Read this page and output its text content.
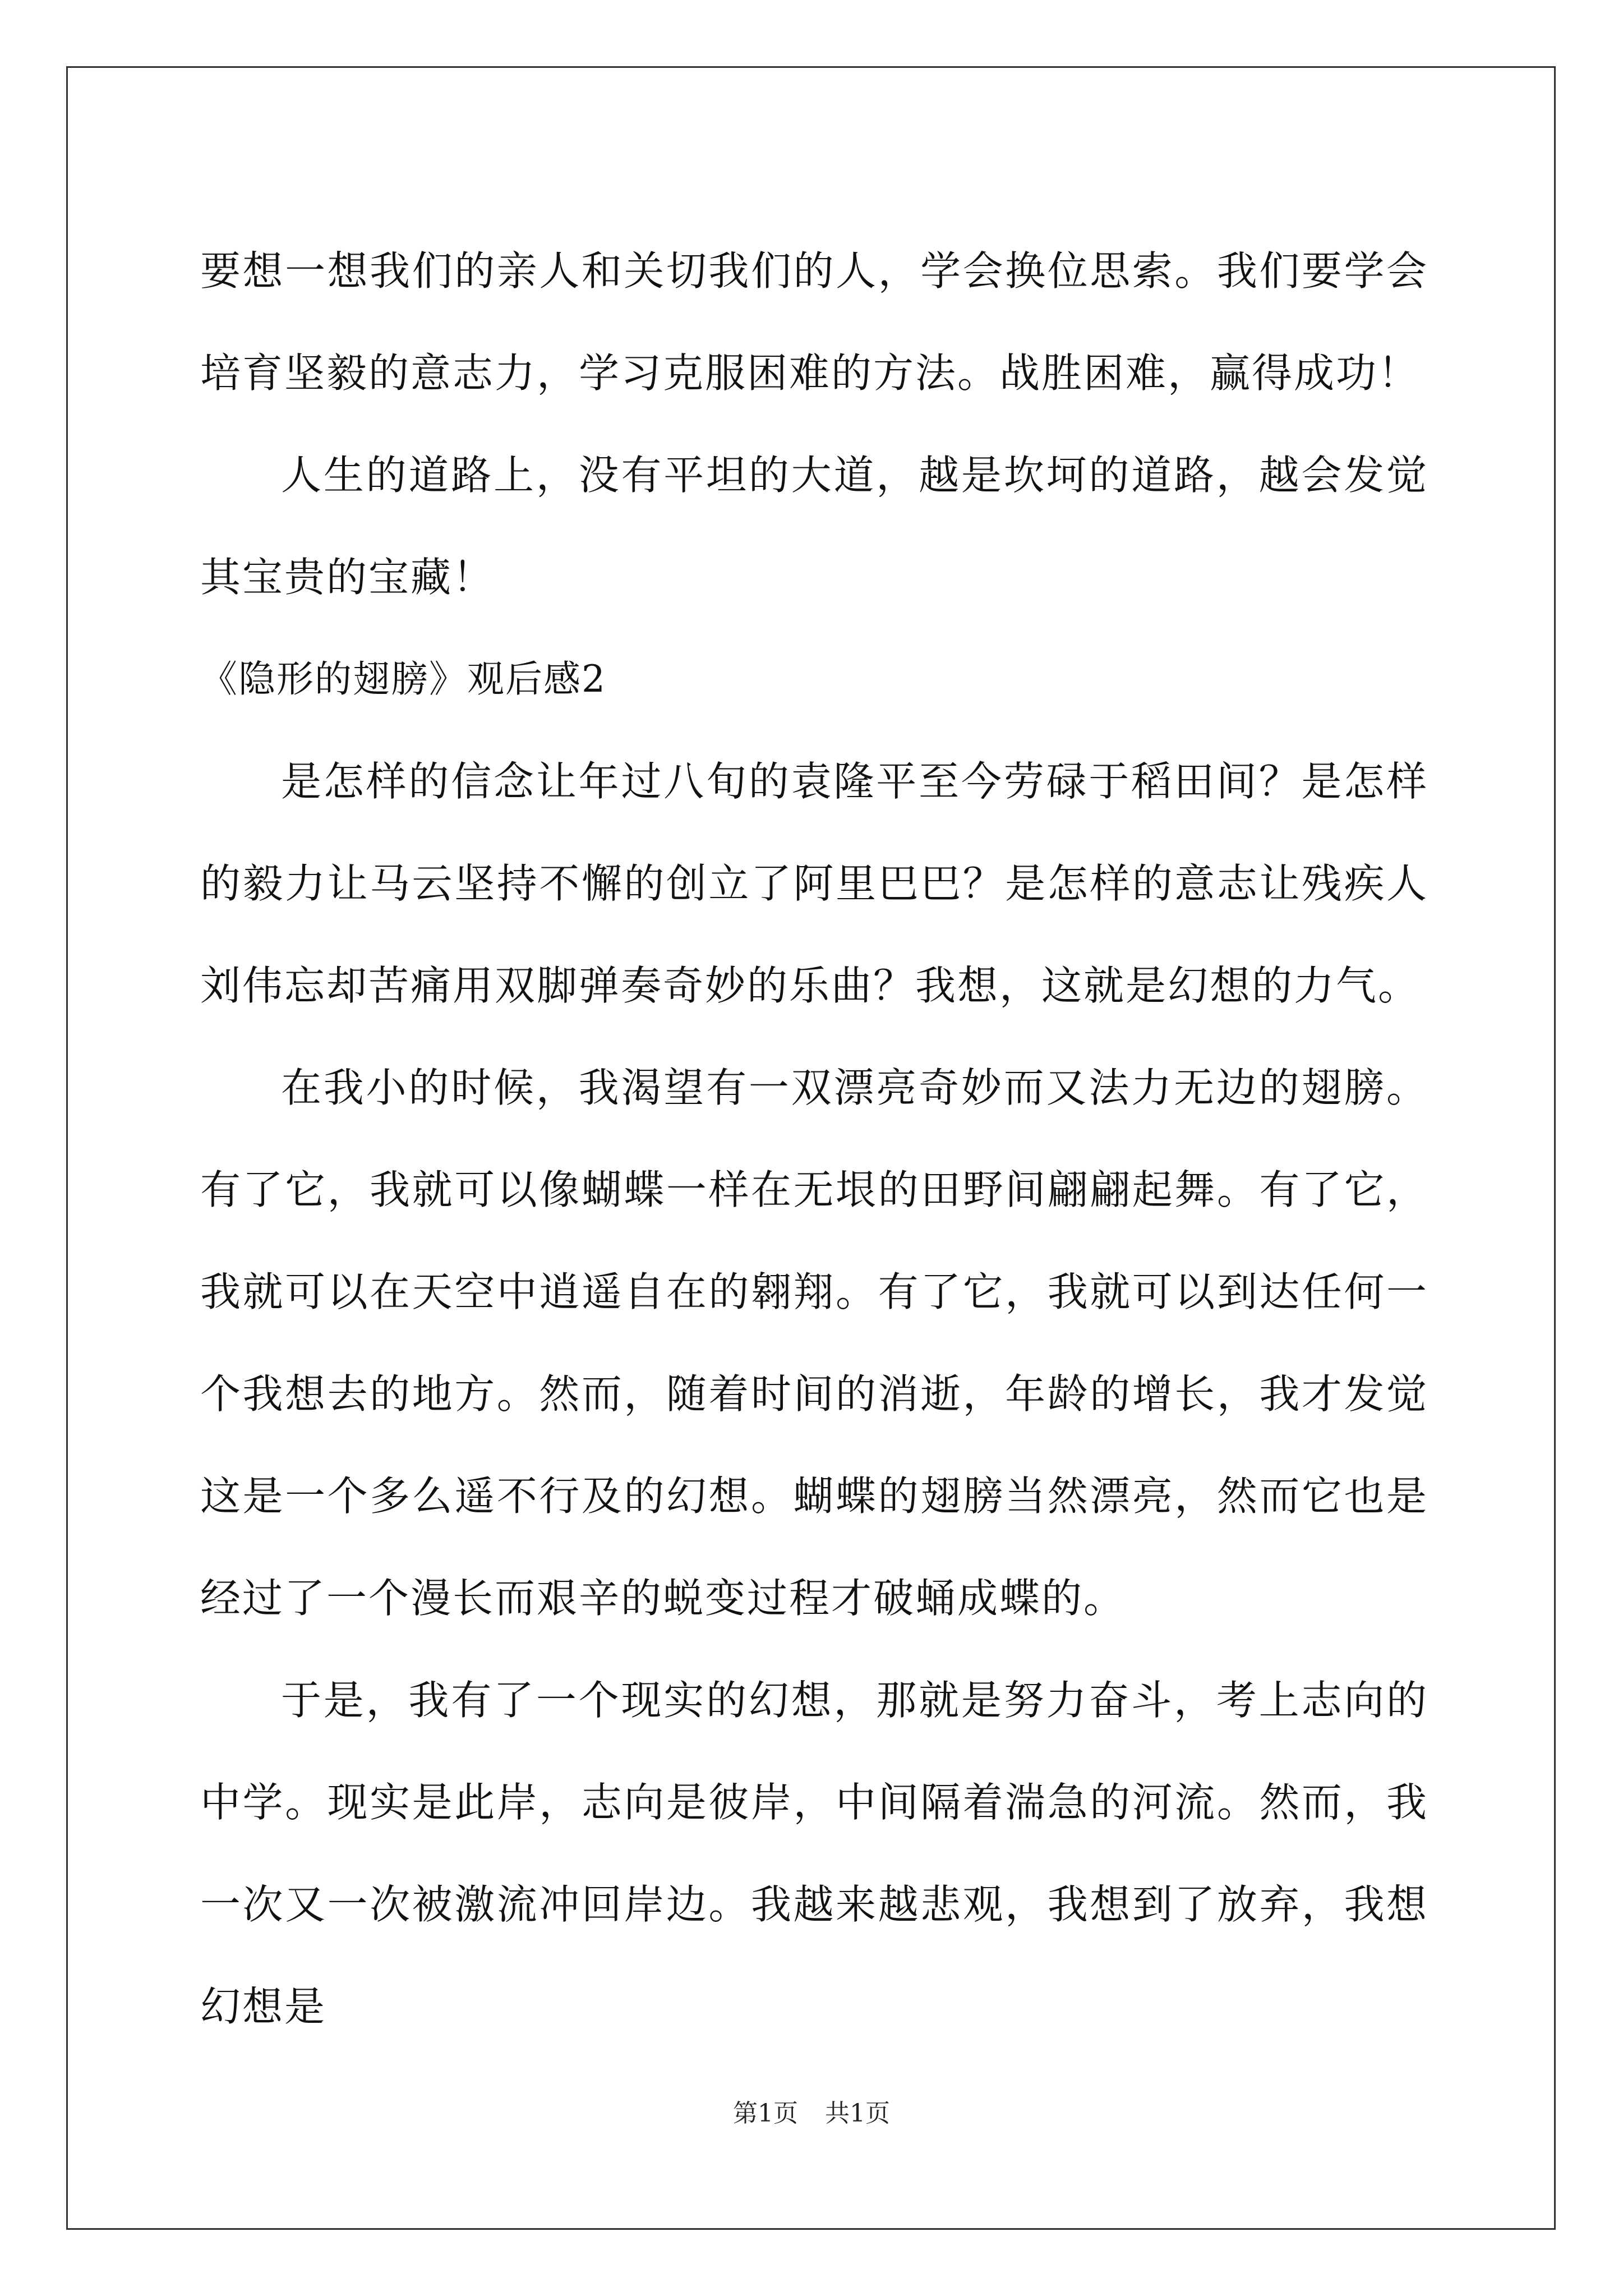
要想一想我们的亲人和关切我们的人，学会换位思索。我们要学会培育坚毅的意志力，学习克服困难的方法。战胜困难，赢得成功！

人生的道路上，没有平坦的大道，越是坎坷的道路，越会发觉其宝贵的宝藏！

《隐形的翅膀》观后感2

是怎样的信念让年过八旬的袁隆平至今劳碌于稻田间？是怎样的毅力让马云坚持不懈的创立了阿里巴巴？是怎样的意志让残疾人刘伟忘却苦痛用双脚弹奏奇妙的乐曲？我想，这就是幻想的力气。

在我小的时候，我渴望有一双漂亮奇妙而又法力无边的翅膀。有了它，我就可以像蝴蝶一样在无垠的田野间翩翩起舞。有了它，我就可以在天空中逍遥自在的翱翔。有了它，我就可以到达任何一个我想去的地方。然而，随着时间的消逝，年龄的增长，我才发觉这是一个多么遥不行及的幻想。蝴蝶的翅膀当然漂亮，然而它也是经过了一个漫长而艰辛的蜕变过程才破蛹成蝶的。

于是，我有了一个现实的幻想，那就是努力奋斗，考上志向的中学。现实是此岸，志向是彼岸，中间隔着湍急的河流。然而，我一次又一次被激流冲回岸边。我越来越悲观，我想到了放弃，我想幻想是

第1页 共1页
